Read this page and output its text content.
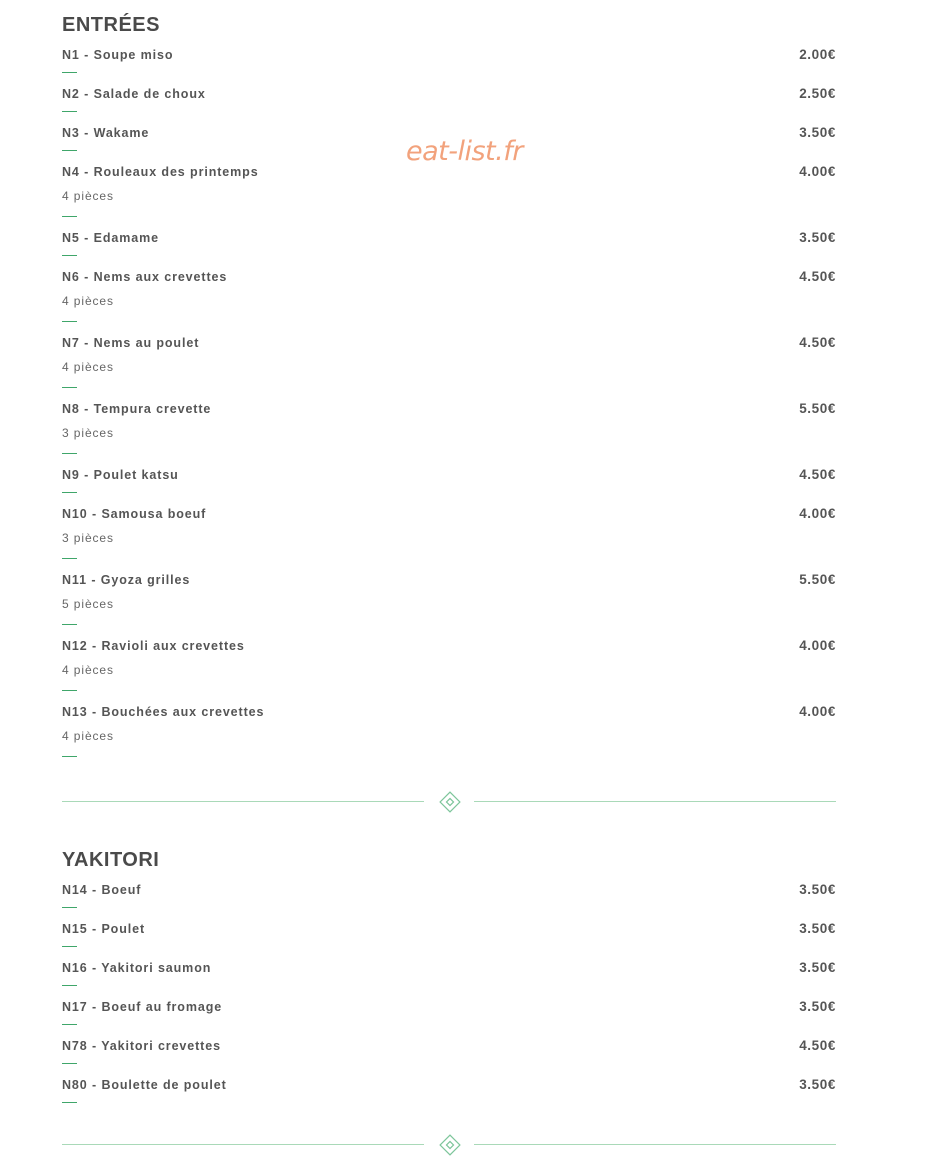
eat-list.fr
ENTRÉES
N1 - Soupe miso	2.00€
N2 - Salade de choux	2.50€
N3 - Wakame	3.50€
N4 - Rouleaux des printemps	4.00€
4 pièces
N5 - Edamame	3.50€
N6 - Nems aux crevettes	4.50€
4 pièces
N7 - Nems au poulet	4.50€
4 pièces
N8 - Tempura crevette	5.50€
3 pièces
N9 - Poulet katsu	4.50€
N10 - Samousa boeuf	4.00€
3 pièces
N11 - Gyoza grilles	5.50€
5 pièces
N12 - Ravioli aux crevettes	4.00€
4 pièces
N13 - Bouchées aux crevettes	4.00€
4 pièces
YAKITORI
N14 - Boeuf	3.50€
N15 - Poulet	3.50€
N16 - Yakitori saumon	3.50€
N17 - Boeuf au fromage	3.50€
N78 - Yakitori crevettes	4.50€
N80 - Boulette de poulet	3.50€
